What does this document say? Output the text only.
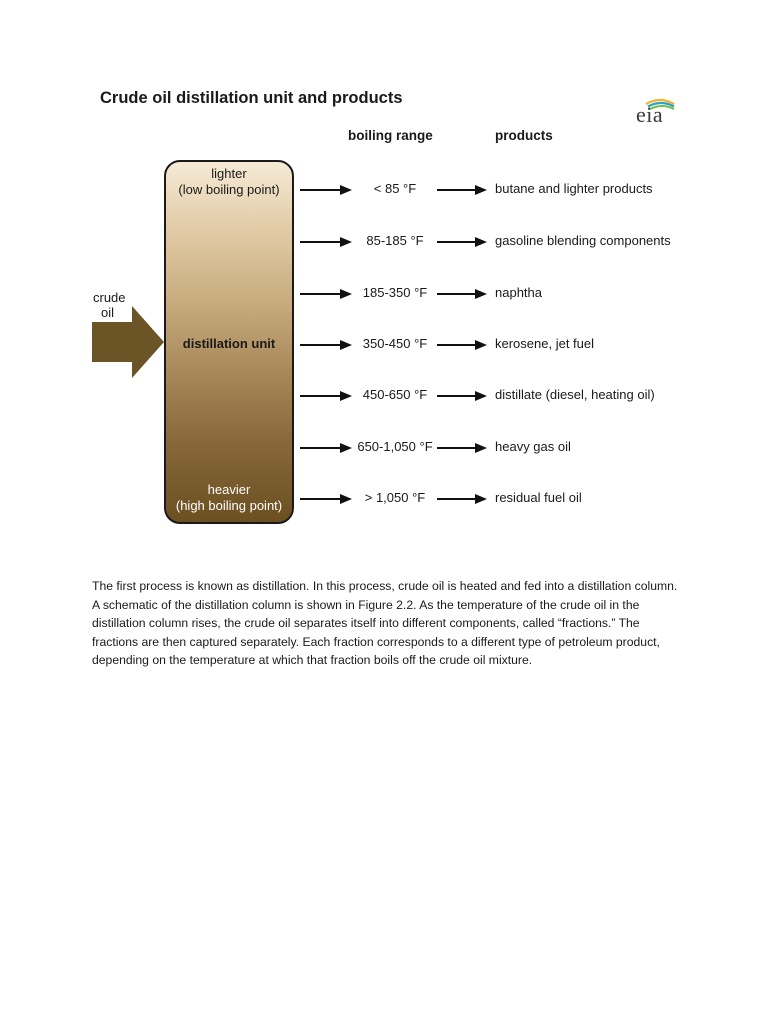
Crude oil distillation unit and products
boiling range	products
eia
crude
oil
lighter
(low boiling point)
distillation unit
heavier
(high boiling point)
< 85 °F	butane and lighter products
85-185 °F	gasoline blending components
185-350 °F	naphtha
350-450 °F	kerosene, jet fuel
450-650 °F	distillate (diesel, heating oil)
650-1,050 °F	heavy gas oil
> 1,050 °F	residual fuel oil

The first process is known as distillation. In this process, crude oil is heated and fed into a distillation column. A schematic of the distillation column is shown in Figure 2.2. As the temperature of the crude oil in the distillation column rises, the crude oil separates itself into different components, called “fractions.” The fractions are then captured separately. Each fraction corresponds to a different type of petroleum product, depending on the temperature at which that fraction boils off the crude oil mixture.
